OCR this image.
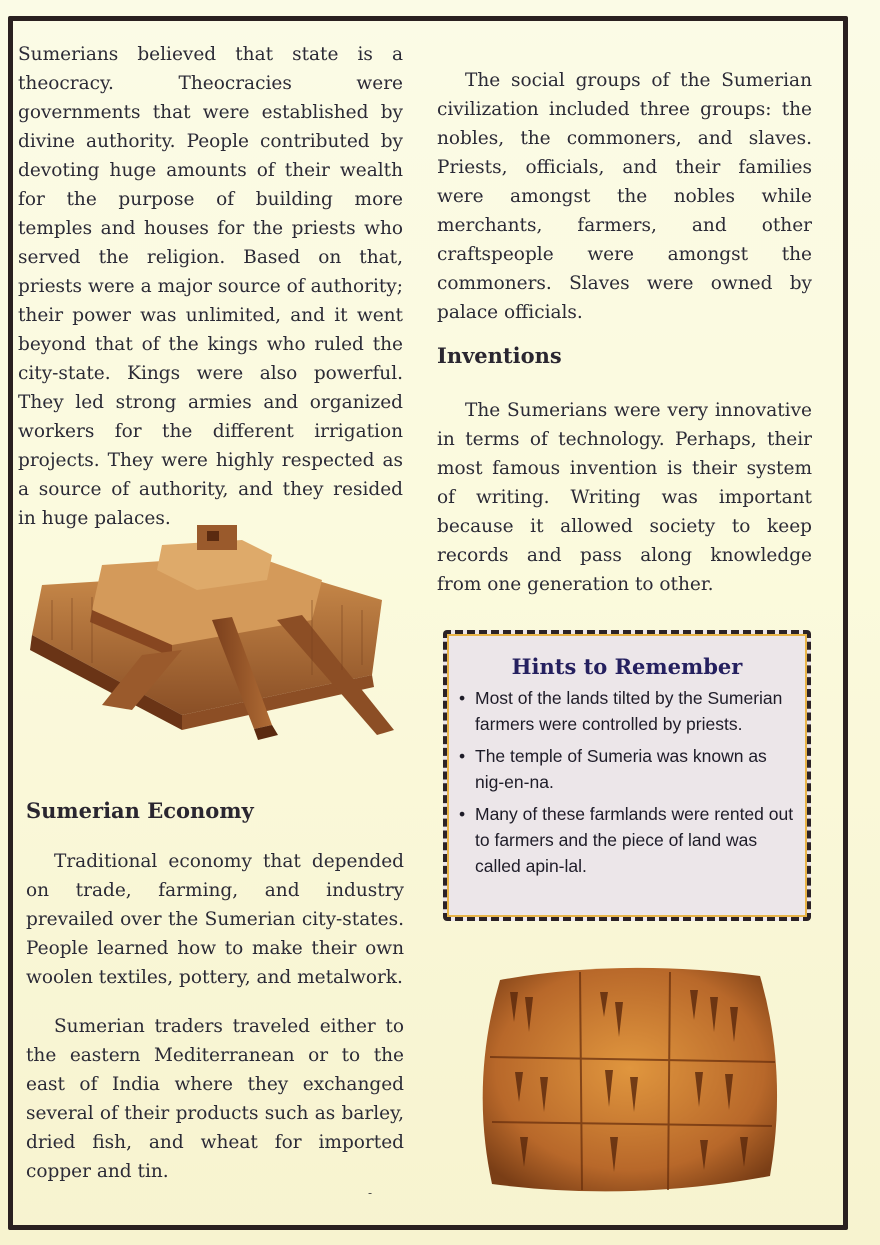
Sumerians believed that state is a theocracy. Theocracies were governments that were established by divine authority. People contributed by devoting huge amounts of their wealth for the purpose of building more temples and houses for the priests who served the religion. Based on that, priests were a major source of authority; their power was unlimited, and it went beyond that of the kings who ruled the city-state. Kings were also powerful. They led strong armies and organized workers for the different irrigation projects. They were highly respected as a source of authority, and they resided in huge palaces.

Sumerian Economy

Traditional economy that depended on trade, farming, and industry prevailed over the Sumerian city-states. People learned how to make their own woolen textiles, pottery, and metalwork.

Sumerian traders traveled either to the eastern Mediterranean or to the east of India where they exchanged several of their products such as barley, dried fish, and wheat for imported copper and tin.

The social groups of the Sumerian civilization included three groups: the nobles, the commoners, and slaves. Priests, officials, and their families were amongst the nobles while merchants, farmers, and other craftspeople were amongst the commoners. Slaves were owned by palace officials.

Inventions

The Sumerians were very innovative in terms of technology. Perhaps, their most famous invention is their system of writing. Writing was important because it allowed society to keep records and pass along knowledge from one generation to other.

Hints to Remember
• Most of the lands tilted by the Sumerian farmers were controlled by priests.
• The temple of Sumeria was known as nig-en-na.
• Many of these farmlands were rented out to farmers and the piece of land was called apin-lal.
-
